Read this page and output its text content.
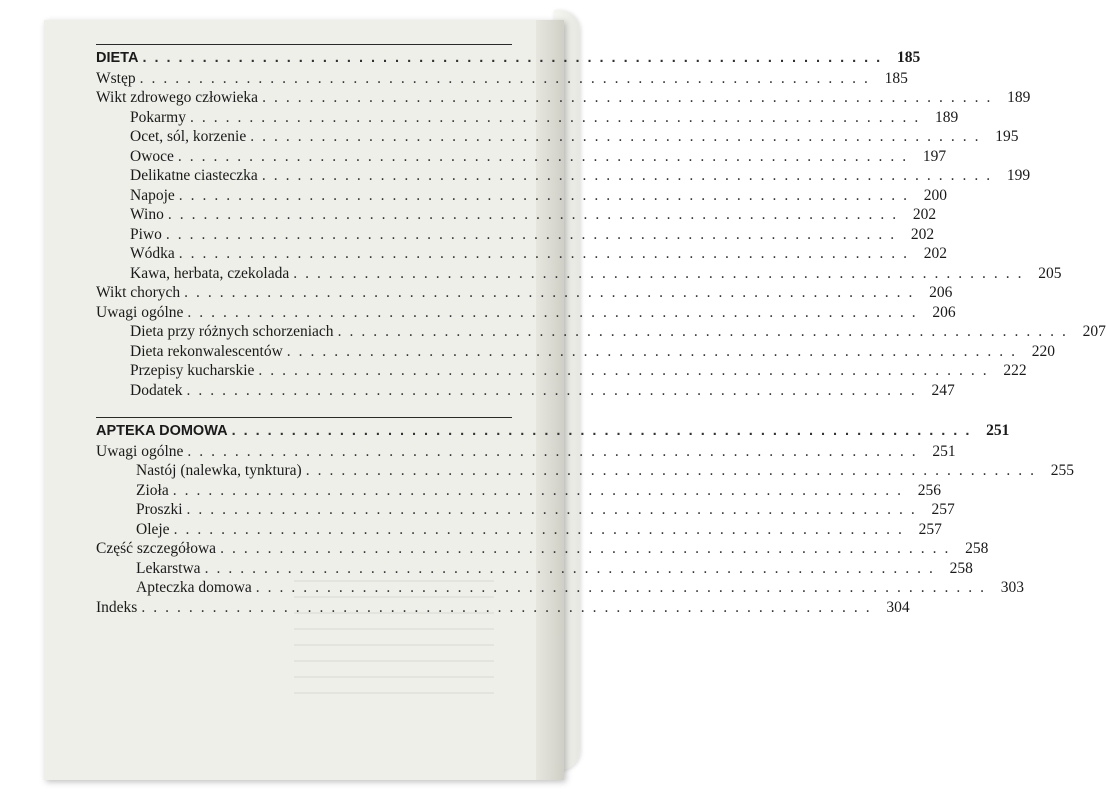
DIETA .............................................................. 185
Wstęp .............................................................. 185
Wikt zdrowego człowieka .............................................................. 189
Pokarmy .............................................................. 189
Ocet, sól, korzenie .............................................................. 195
Owoce .............................................................. 197
Delikatne ciasteczka .............................................................. 199
Napoje .............................................................. 200
Wino .............................................................. 202
Piwo .............................................................. 202
Wódka .............................................................. 202
Kawa, herbata, czekolada .............................................................. 205
Wikt chorych .............................................................. 206
Uwagi ogólne .............................................................. 206
Dieta przy różnych schorzeniach .............................................................. 207
Dieta rekonwalescentów .............................................................. 220
Przepisy kucharskie .............................................................. 222
Dodatek .............................................................. 247
APTEKA DOMOWA .............................................................. 251
Uwagi ogólne .............................................................. 251
Nastój (nalewka, tynktura) .............................................................. 255
Zioła .............................................................. 256
Proszki .............................................................. 257
Oleje .............................................................. 257
Część szczegółowa .............................................................. 258
Lekarstwa .............................................................. 258
Apteczka domowa .............................................................. 303
Indeks .............................................................. 304
